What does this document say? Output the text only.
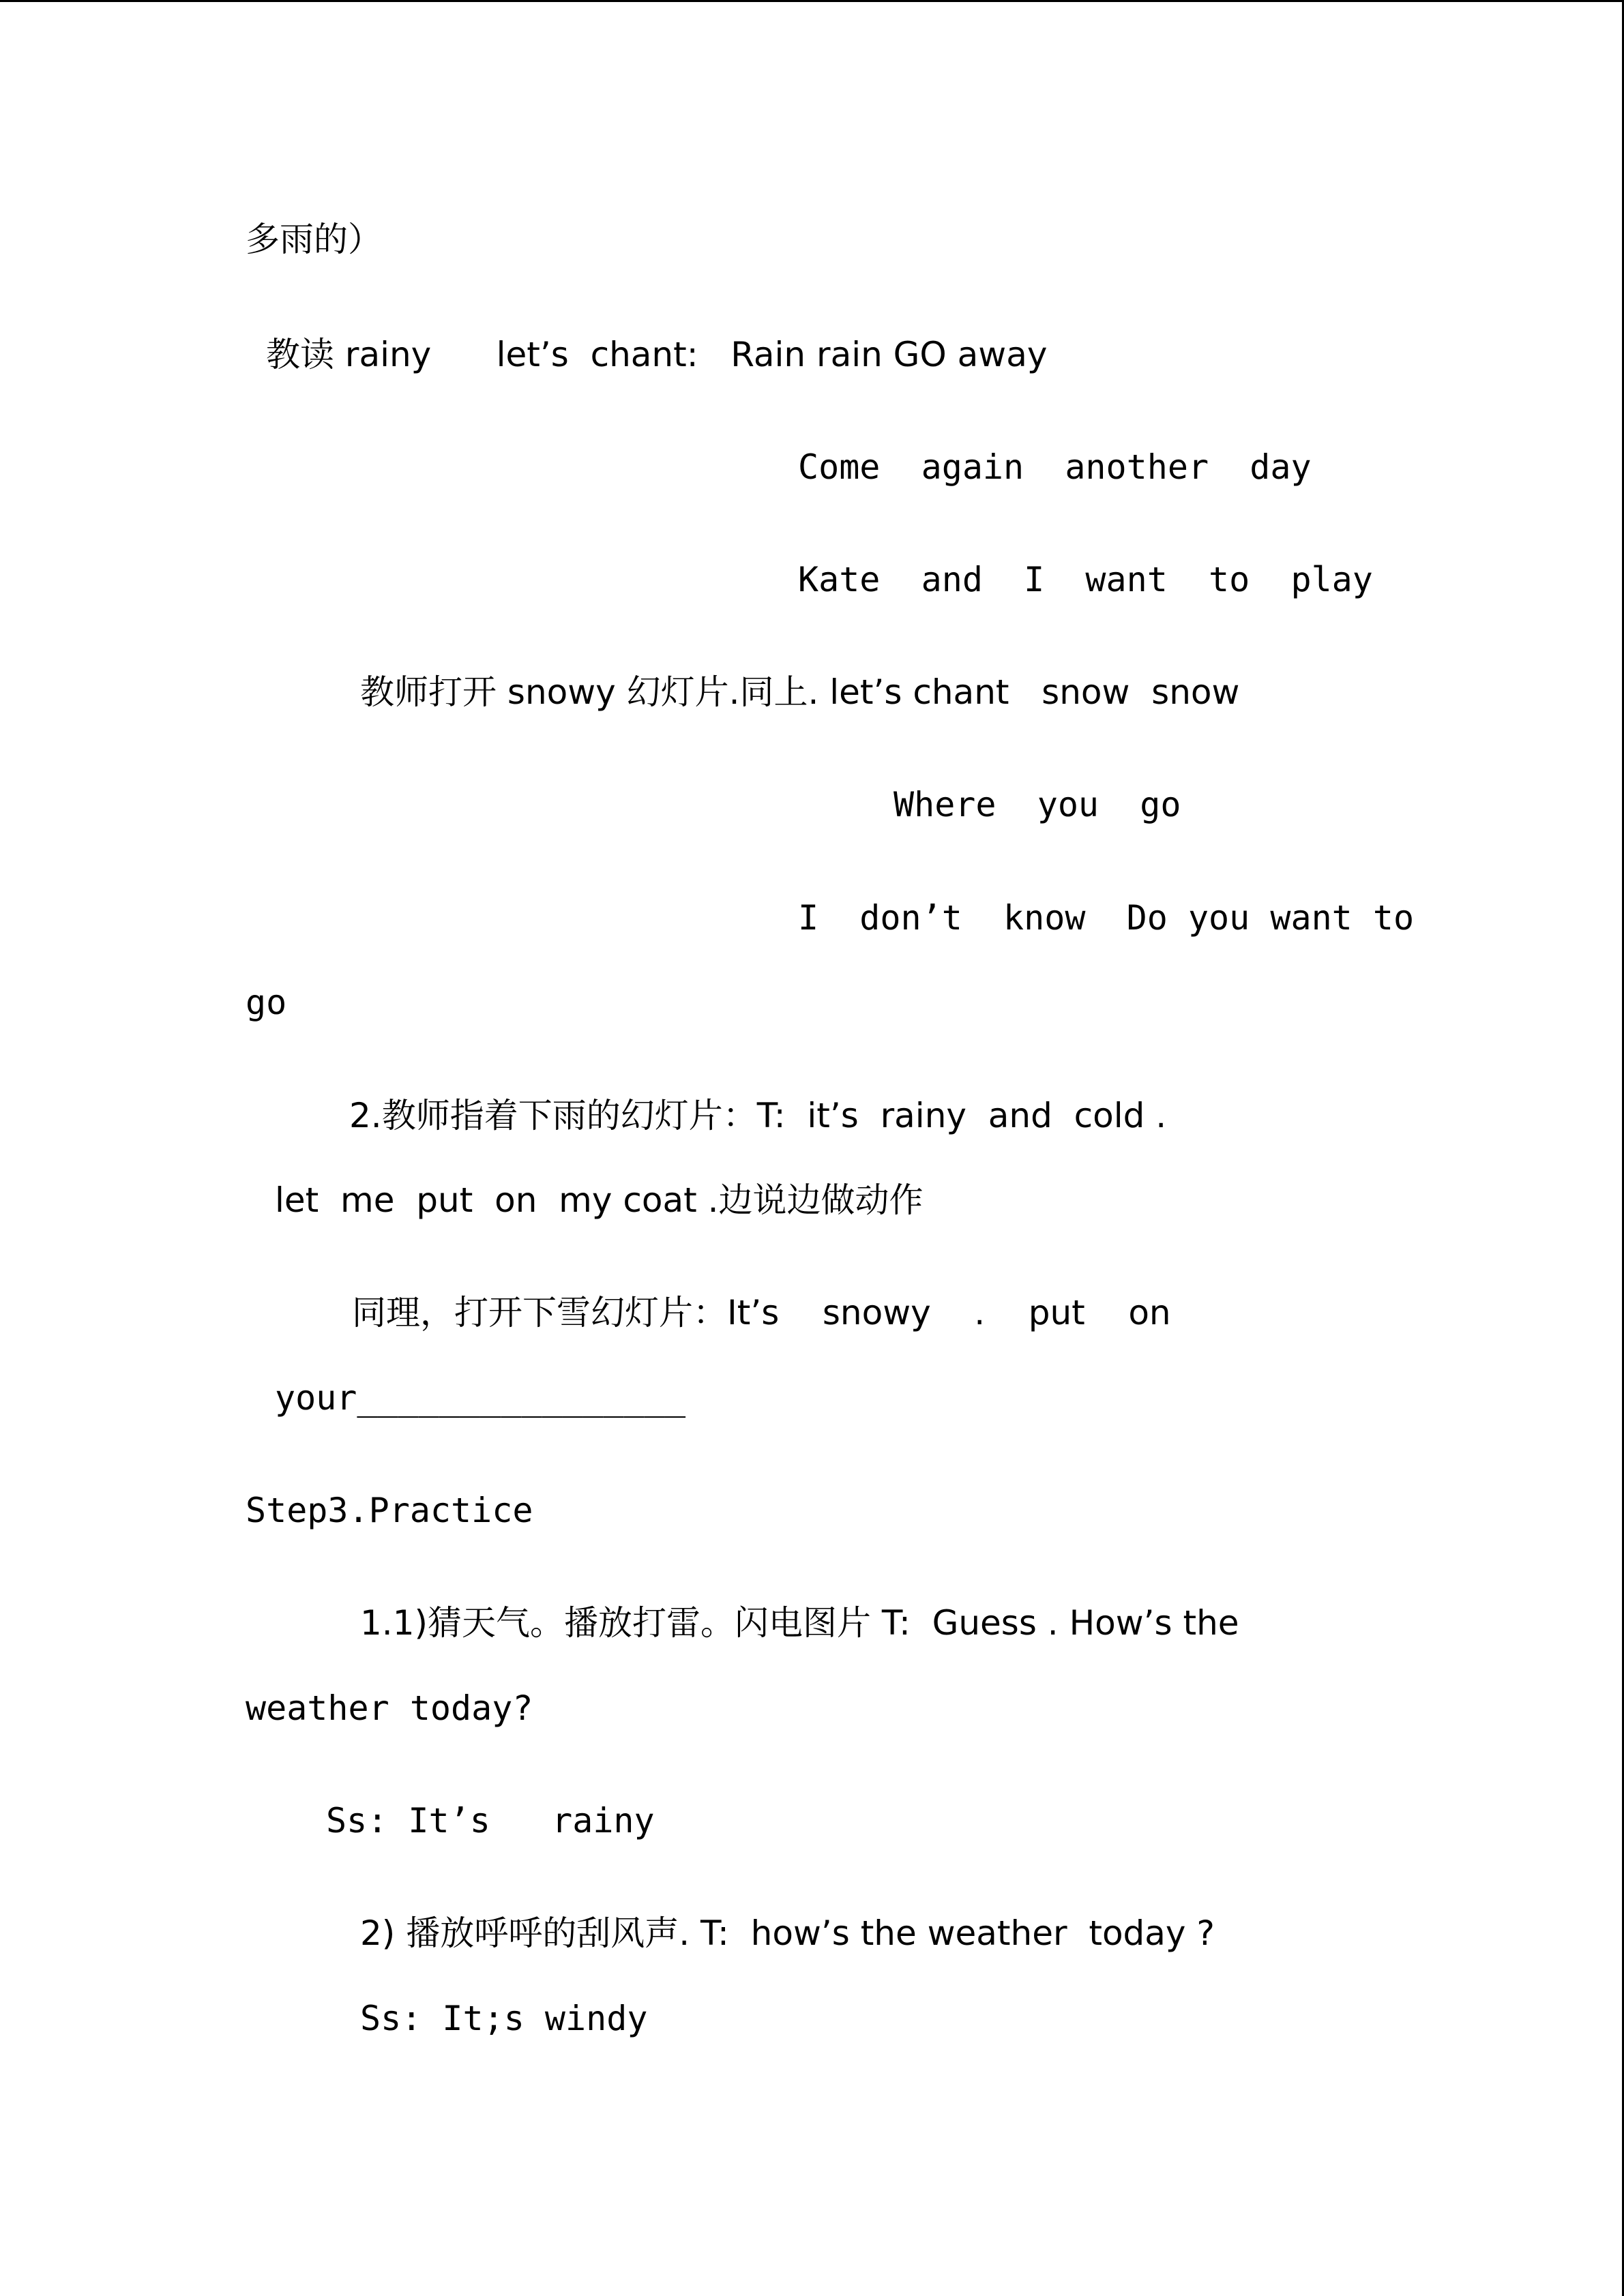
多雨的）
教读 rainy      let’s  chant:   Rain rain GO away
Come  again  another  day
Kate  and  I  want  to  play
教师打开 snowy 幻灯片.同上. let’s chant   snow  snow
Where  you  go
I  don’t  know  Do you want to
go
2.教师指着下雨的幻灯片：T:  it’s  rainy  and  cold .
let  me  put  on  my coat .边说边做动作
同理，打开下雪幻灯片：It’s    snowy    .    put    on
your________________
Step3.Practice
1.1)猜天气。播放打雷。闪电图片 T:  Guess . How’s the
weather today?
Ss: It’s   rainy
2) 播放呼呼的刮风声. T:  how’s the weather  today ?
Ss: It;s windy
